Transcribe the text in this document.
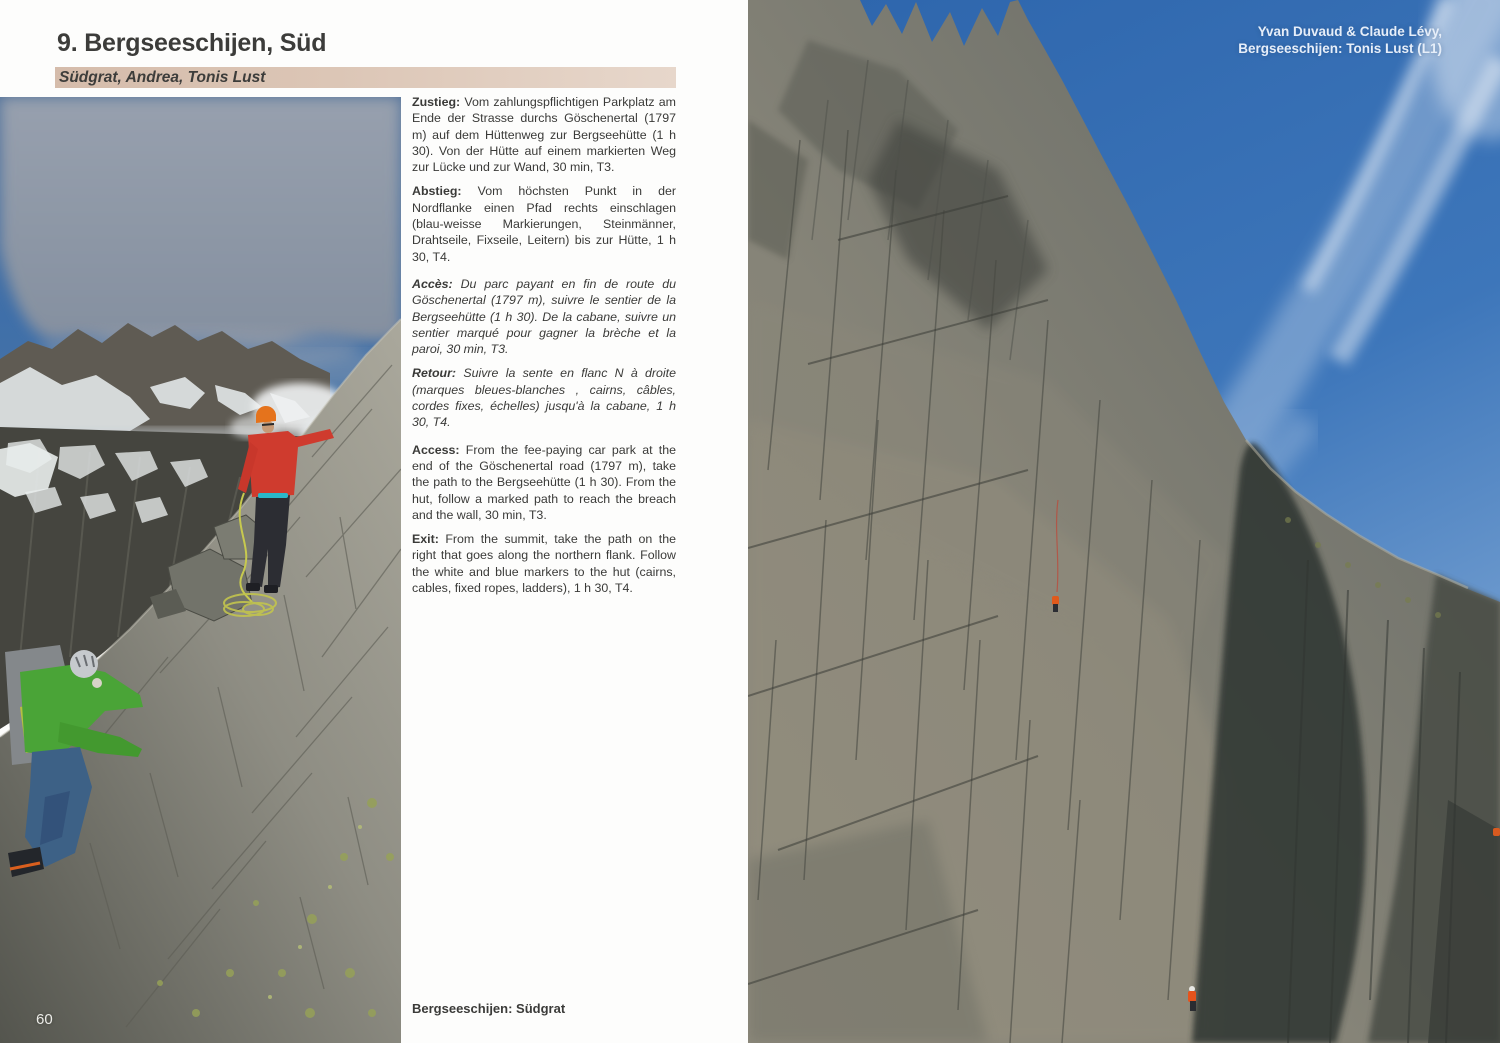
9. Bergseeschijen, Süd
Südgrat, Andrea, Tonis Lust
60

Zustieg: Vom zahlungspflichtigen Parkplatz am Ende der Strasse durchs Göschenertal (1797 m) auf dem Hüttenweg zur Bergseehütte (1 h 30). Von der Hütte auf einem markierten Weg zur Lücke und zur Wand, 30 min, T3.

Abstieg: Vom höchsten Punkt in der Nordflanke einen Pfad rechts einschlagen (blau-weisse Markierungen, Steinmänner, Drahtseile, Fixseile, Leitern) bis zur Hütte, 1 h 30, T4.

Accès: Du parc payant en fin de route du Göschenertal (1797 m), suivre le sentier de la Bergseehütte (1 h 30). De la cabane, suivre un sentier marqué pour gagner la brèche et la paroi, 30 min, T3.

Retour: Suivre la sente en flanc N à droite (marques bleues-blanches , cairns, câbles, cordes fixes, échelles) jusqu'à la cabane, 1 h 30, T4.

Access: From the fee-paying car park at the end of the Göschenertal road (1797 m), take the path to the Bergseehütte (1 h 30). From the hut, follow a marked path to reach the breach and the wall, 30 min, T3.

Exit: From the summit, take the path on the right that goes along the northern flank. Follow the white and blue markers to the hut (cairns, cables, fixed ropes, ladders), 1 h 30, T4.

Bergseeschijen: Südgrat
Yvan Duvaud & Claude Lévy,
Bergseeschijen: Tonis Lust (L1)
